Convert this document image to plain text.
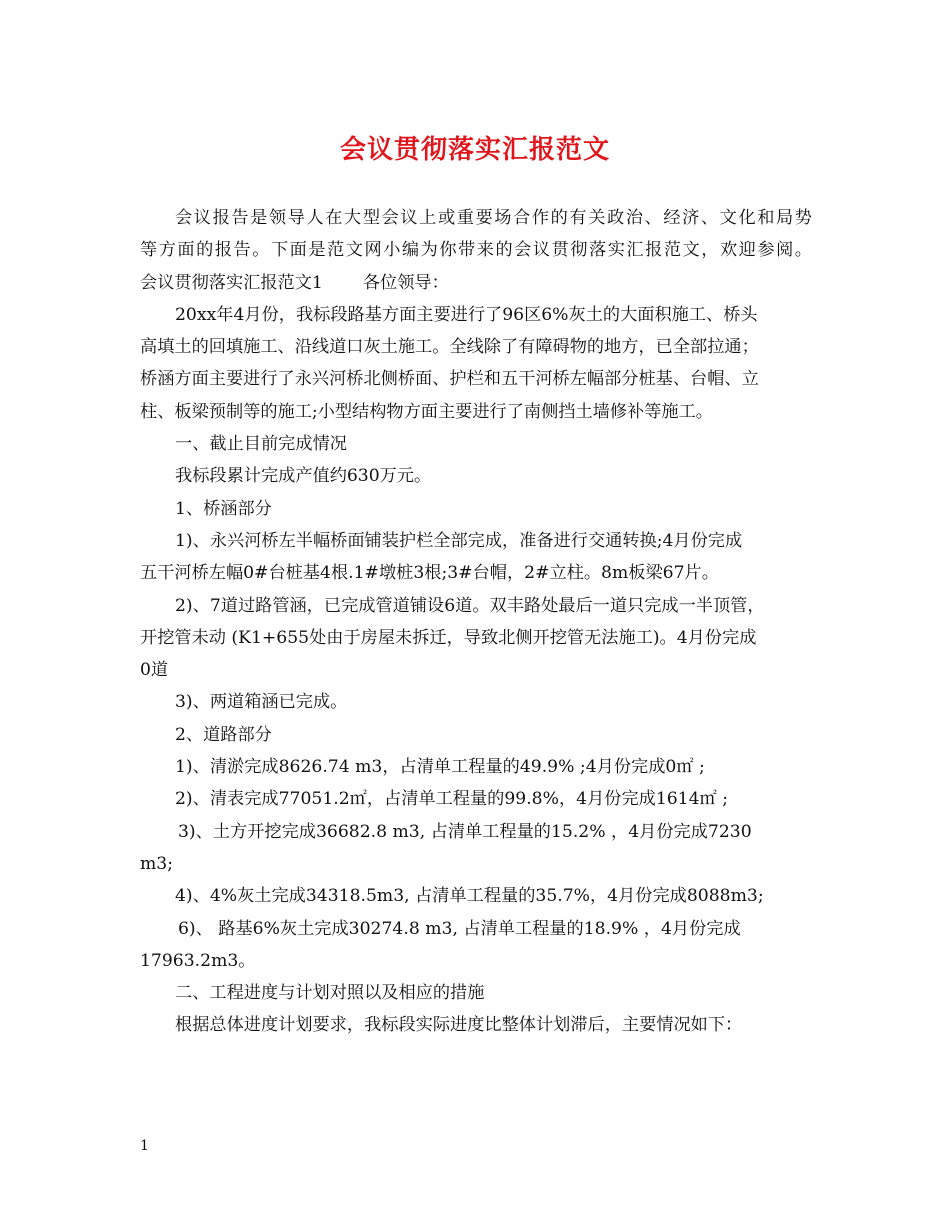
会议贯彻落实汇报范文
会议报告是领导人在大型会议上或重要场合作的有关政治、经济、文化和局势
等方面的报告。下面是范文网小编为你带来的会议贯彻落实汇报范文，欢迎参阅。
会议贯彻落实汇报范文1 各位领导：
20xx年4月份，我标段路基方面主要进行了96区6%灰土的大面积施工、桥头
高填土的回填施工、沿线道口灰土施工。全线除了有障碍物的地方，已全部拉通；
桥涵方面主要进行了永兴河桥北侧桥面、护栏和五干河桥左幅部分桩基、台帽、立
柱、板梁预制等的施工;小型结构物方面主要进行了南侧挡土墙修补等施工。
一、截止目前完成情况
我标段累计完成产值约630万元。
1、桥涵部分
1)、永兴河桥左半幅桥面铺装护栏全部完成，准备进行交通转换;4月份完成
五干河桥左幅0#台桩基4根.1#墩桩3根;3#台帽，2#立柱。8m板梁67片。
2)、7道过路管涵，已完成管道铺设6道。双丰路处最后一道只完成一半顶管，
开挖管未动 (K1+655处由于房屋未拆迁，导致北侧开挖管无法施工)。4月份完成
0道
3)、两道箱涵已完成。
2、道路部分
1)、清淤完成8626.74 m3，占清单工程量的49.9% ;4月份完成0㎡ ;
2)、清表完成77051.2㎡，占清单工程量的99.8%，4月份完成1614㎡ ;
3)、土方开挖完成36682.8 m3, 占清单工程量的15.2% ，4月份完成7230
m3;
4)、4%灰土完成34318.5m3, 占清单工程量的35.7%，4月份完成8088m3;
6)、 路基6%灰土完成30274.8 m3, 占清单工程量的18.9% ，4月份完成
17963.2m3。
二、工程进度与计划对照以及相应的措施
根据总体进度计划要求，我标段实际进度比整体计划滞后，主要情况如下：
1
